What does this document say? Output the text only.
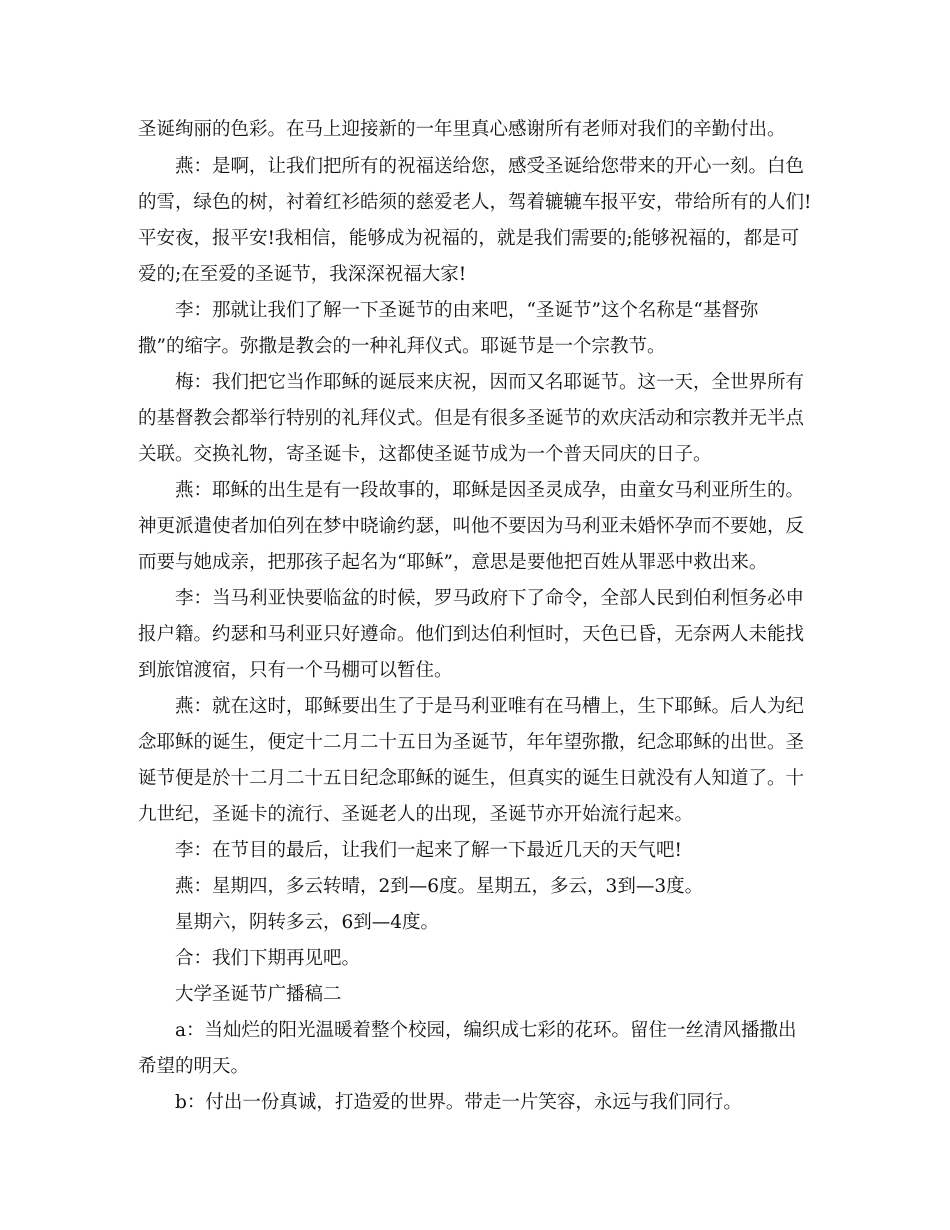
圣诞绚丽的色彩。在马上迎接新的一年里真心感谢所有老师对我们的辛勤付出。
燕：是啊，让我们把所有的祝福送给您，感受圣诞给您带来的开心一刻。白色
的雪，绿色的树，衬着红衫皓须的慈爱老人，驾着辘辘车报平安，带给所有的人们!
平安夜，报平安!我相信，能够成为祝福的，就是我们需要的;能够祝福的，都是可
爱的;在至爱的圣诞节，我深深祝福大家!
李：那就让我们了解一下圣诞节的由来吧，“圣诞节”这个名称是“基督弥
撒”的缩字。弥撒是教会的一种礼拜仪式。耶诞节是一个宗教节。
梅：我们把它当作耶稣的诞辰来庆祝，因而又名耶诞节。这一天，全世界所有
的基督教会都举行特别的礼拜仪式。但是有很多圣诞节的欢庆活动和宗教并无半点
关联。交换礼物，寄圣诞卡，这都使圣诞节成为一个普天同庆的日子。
燕：耶稣的出生是有一段故事的，耶稣是因圣灵成孕，由童女马利亚所生的。
神更派遣使者加伯列在梦中晓谕约瑟，叫他不要因为马利亚未婚怀孕而不要她，反
而要与她成亲，把那孩子起名为“耶稣”，意思是要他把百姓从罪恶中救出来。
李：当马利亚快要临盆的时候，罗马政府下了命令，全部人民到伯利恒务必申
报户籍。约瑟和马利亚只好遵命。他们到达伯利恒时，天色已昏，无奈两人未能找
到旅馆渡宿，只有一个马棚可以暂住。
燕：就在这时，耶稣要出生了于是马利亚唯有在马槽上，生下耶稣。后人为纪
念耶稣的诞生，便定十二月二十五日为圣诞节，年年望弥撒，纪念耶稣的出世。圣
诞节便是於十二月二十五日纪念耶稣的诞生，但真实的诞生日就没有人知道了。十
九世纪，圣诞卡的流行、圣诞老人的出现，圣诞节亦开始流行起来。
李：在节目的最后，让我们一起来了解一下最近几天的天气吧!
燕：星期四，多云转晴，2到—6度。星期五，多云，3到—3度。
星期六，阴转多云，6到—4度。
合：我们下期再见吧。
大学圣诞节广播稿二
a：当灿烂的阳光温暖着整个校园，编织成七彩的花环。留住一丝清风播撒出
希望的明天。
b：付出一份真诚，打造爱的世界。带走一片笑容，永远与我们同行。
